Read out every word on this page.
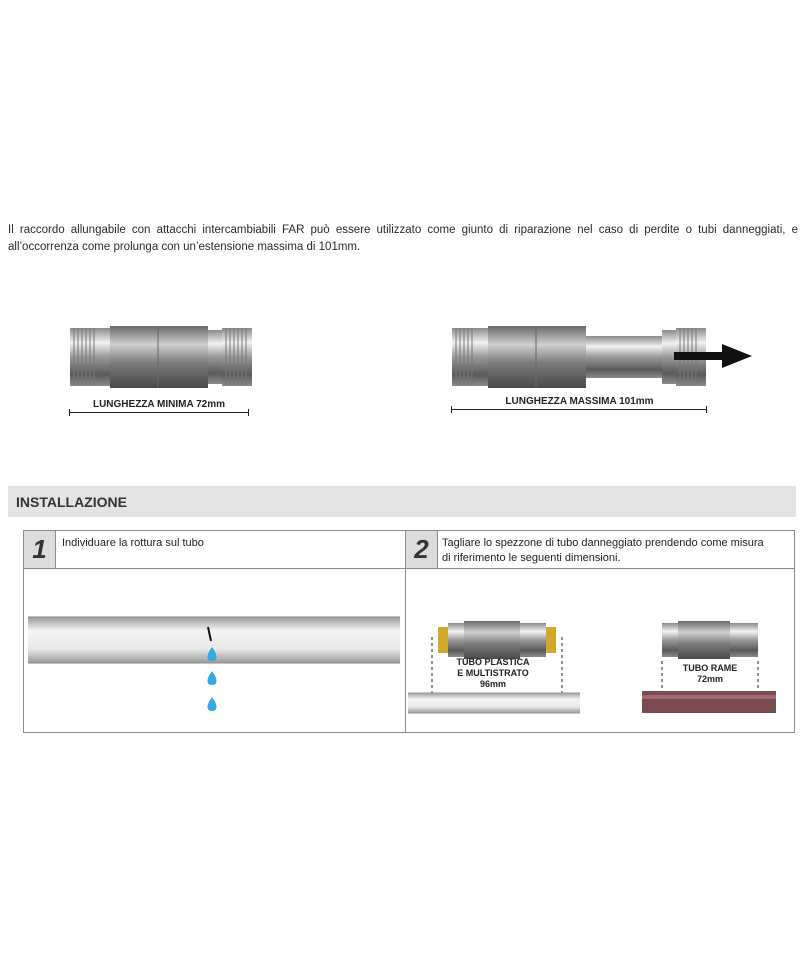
Il raccordo allungabile con attacchi intercambiabili FAR può essere utilizzato come giunto di riparazione nel caso di perdite o tubi danneggiati, e all’occorrenza come prolunga con un’estensione massima di 101mm.
LUNGHEZZA MINIMA 72mm	LUNGHEZZA MASSIMA 101mm
INSTALLAZIONE
1	Individuare la rottura sul tubo	2	Tagliare lo spezzone di tubo danneggiato prendendo come misura di riferimento le seguenti dimensioni.
TUBO PLASTICA
E MULTISTRATO
96mm
TUBO RAME
72mm
